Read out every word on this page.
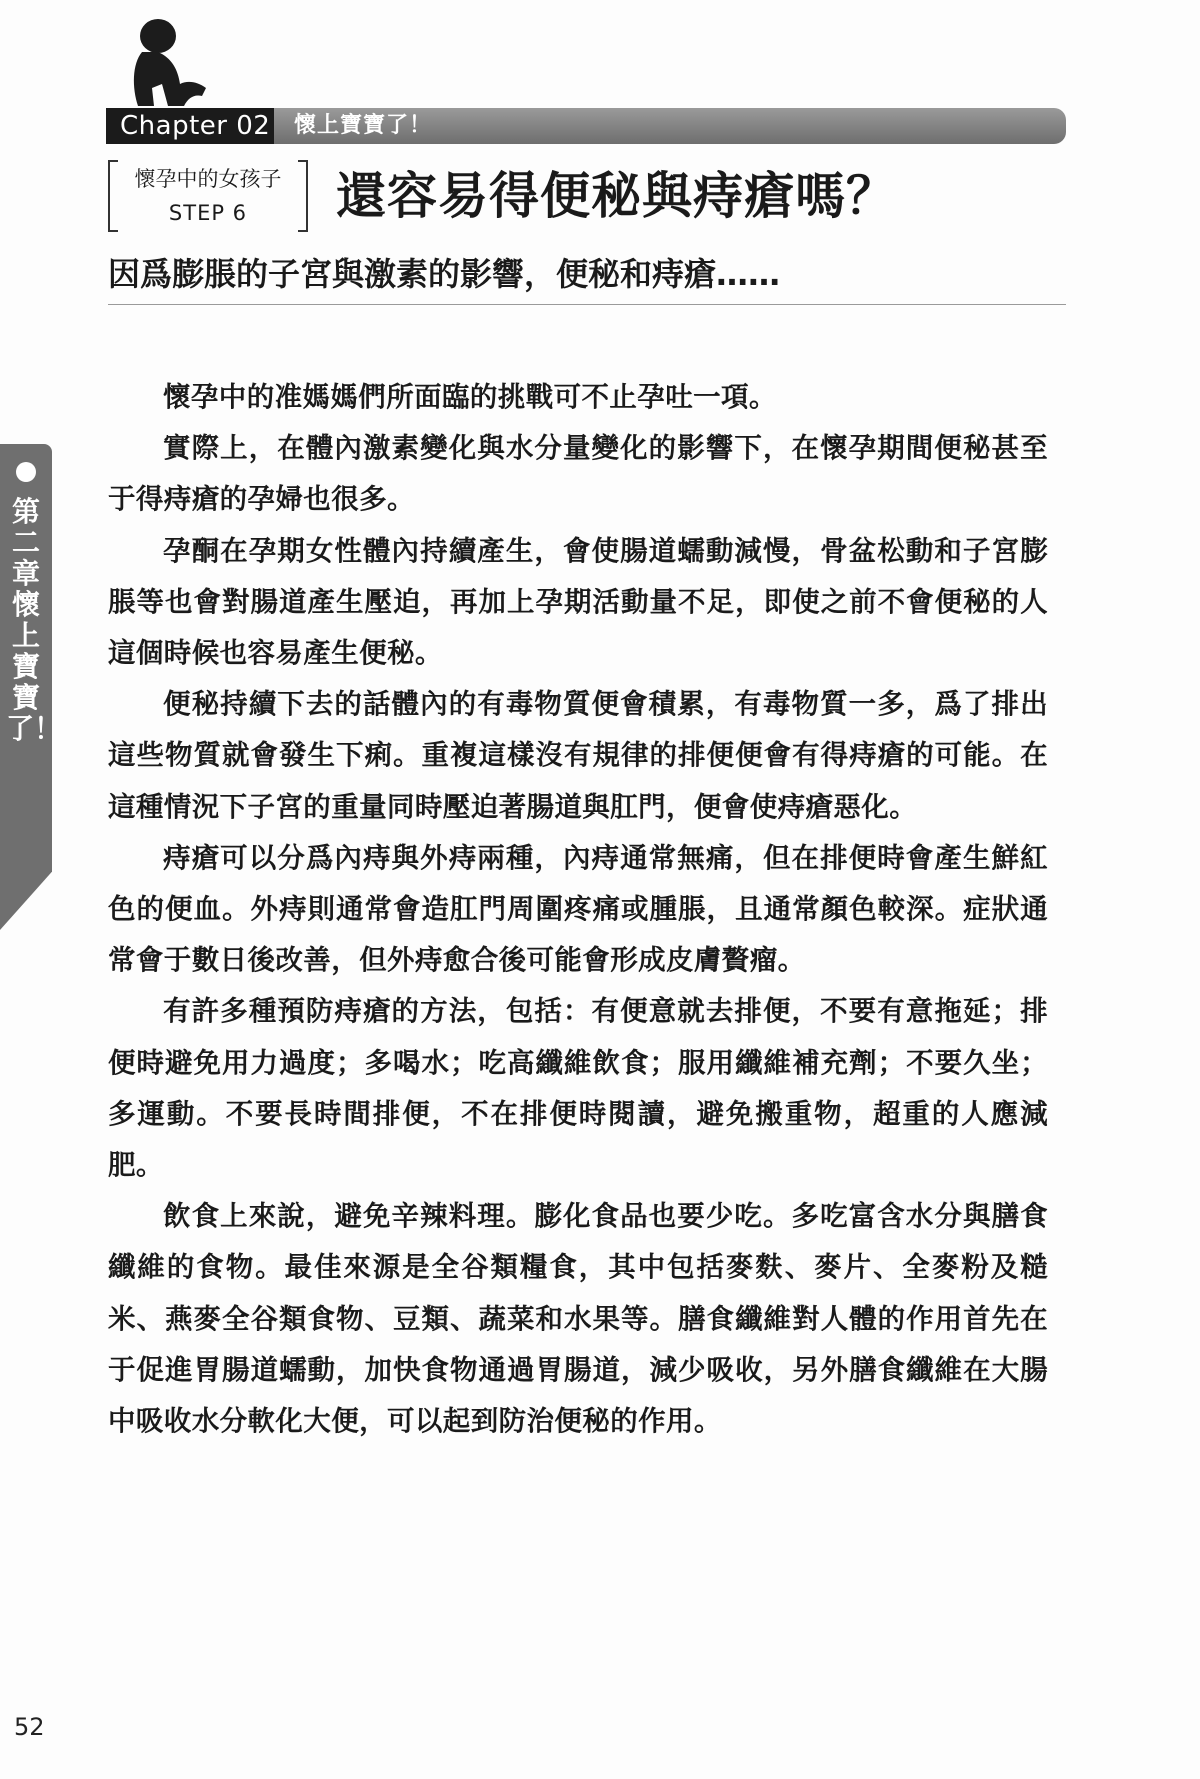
Chapter 02 懷上寶寶了！
懷孕中的女孩子
STEP 6	還容易得便秘與痔瘡嗎？
因爲膨脹的子宮與激素的影響，便秘和痔瘡……
第二章 懷上寶寶了！

懷孕中的准媽媽們所面臨的挑戰可不止孕吐一項。

實際上，在體內激素變化與水分量變化的影響下，在懷孕期間便秘甚至于得痔瘡的孕婦也很多。

孕酮在孕期女性體內持續產生，會使腸道蠕動減慢，骨盆松動和子宮膨脹等也會對腸道產生壓迫，再加上孕期活動量不足，即使之前不會便秘的人這個時候也容易產生便秘。

便秘持續下去的話體內的有毒物質便會積累，有毒物質一多，爲了排出這些物質就會發生下痢。重複這樣沒有規律的排便便會有得痔瘡的可能。在這種情況下子宮的重量同時壓迫著腸道與肛門，便會使痔瘡惡化。

痔瘡可以分爲內痔與外痔兩種，內痔通常無痛，但在排便時會產生鮮紅色的便血。外痔則通常會造肛門周圍疼痛或腫脹，且通常顏色較深。症狀通常會于數日後改善，但外痔愈合後可能會形成皮膚贅瘤。

有許多種預防痔瘡的方法，包括：有便意就去排便，不要有意拖延；排便時避免用力過度；多喝水；吃高纖維飲食；服用纖維補充劑；不要久坐；多運動。不要長時間排便，不在排便時閱讀，避免搬重物，超重的人應減肥。

飲食上來說，避免辛辣料理。膨化食品也要少吃。多吃富含水分與膳食纖維的食物。最佳來源是全谷類糧食，其中包括麥麩、麥片、全麥粉及糙米、燕麥全谷類食物、豆類、蔬菜和水果等。膳食纖維對人體的作用首先在于促進胃腸道蠕動，加快食物通過胃腸道，減少吸收，另外膳食纖維在大腸中吸收水分軟化大便，可以起到防治便秘的作用。

52
